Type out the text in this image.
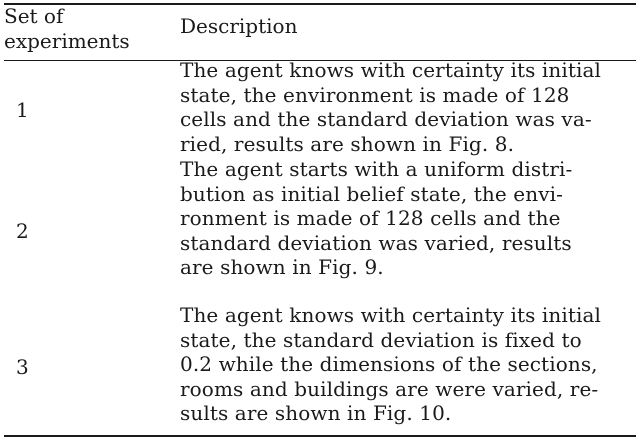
Set of
experiments
Description
1
The agent knows with certainty its initial
state, the environment is made of 128
cells and the standard deviation was va-
ried, results are shown in Fig. 8.
2
The agent starts with a uniform distri-
bution as initial belief state, the envi-
ronment is made of 128 cells and the
standard deviation was varied, results
are shown in Fig. 9.
3
The agent knows with certainty its initial
state, the standard deviation is fixed to
0.2 while the dimensions of the sections,
rooms and buildings are were varied, re-
sults are shown in Fig. 10.
